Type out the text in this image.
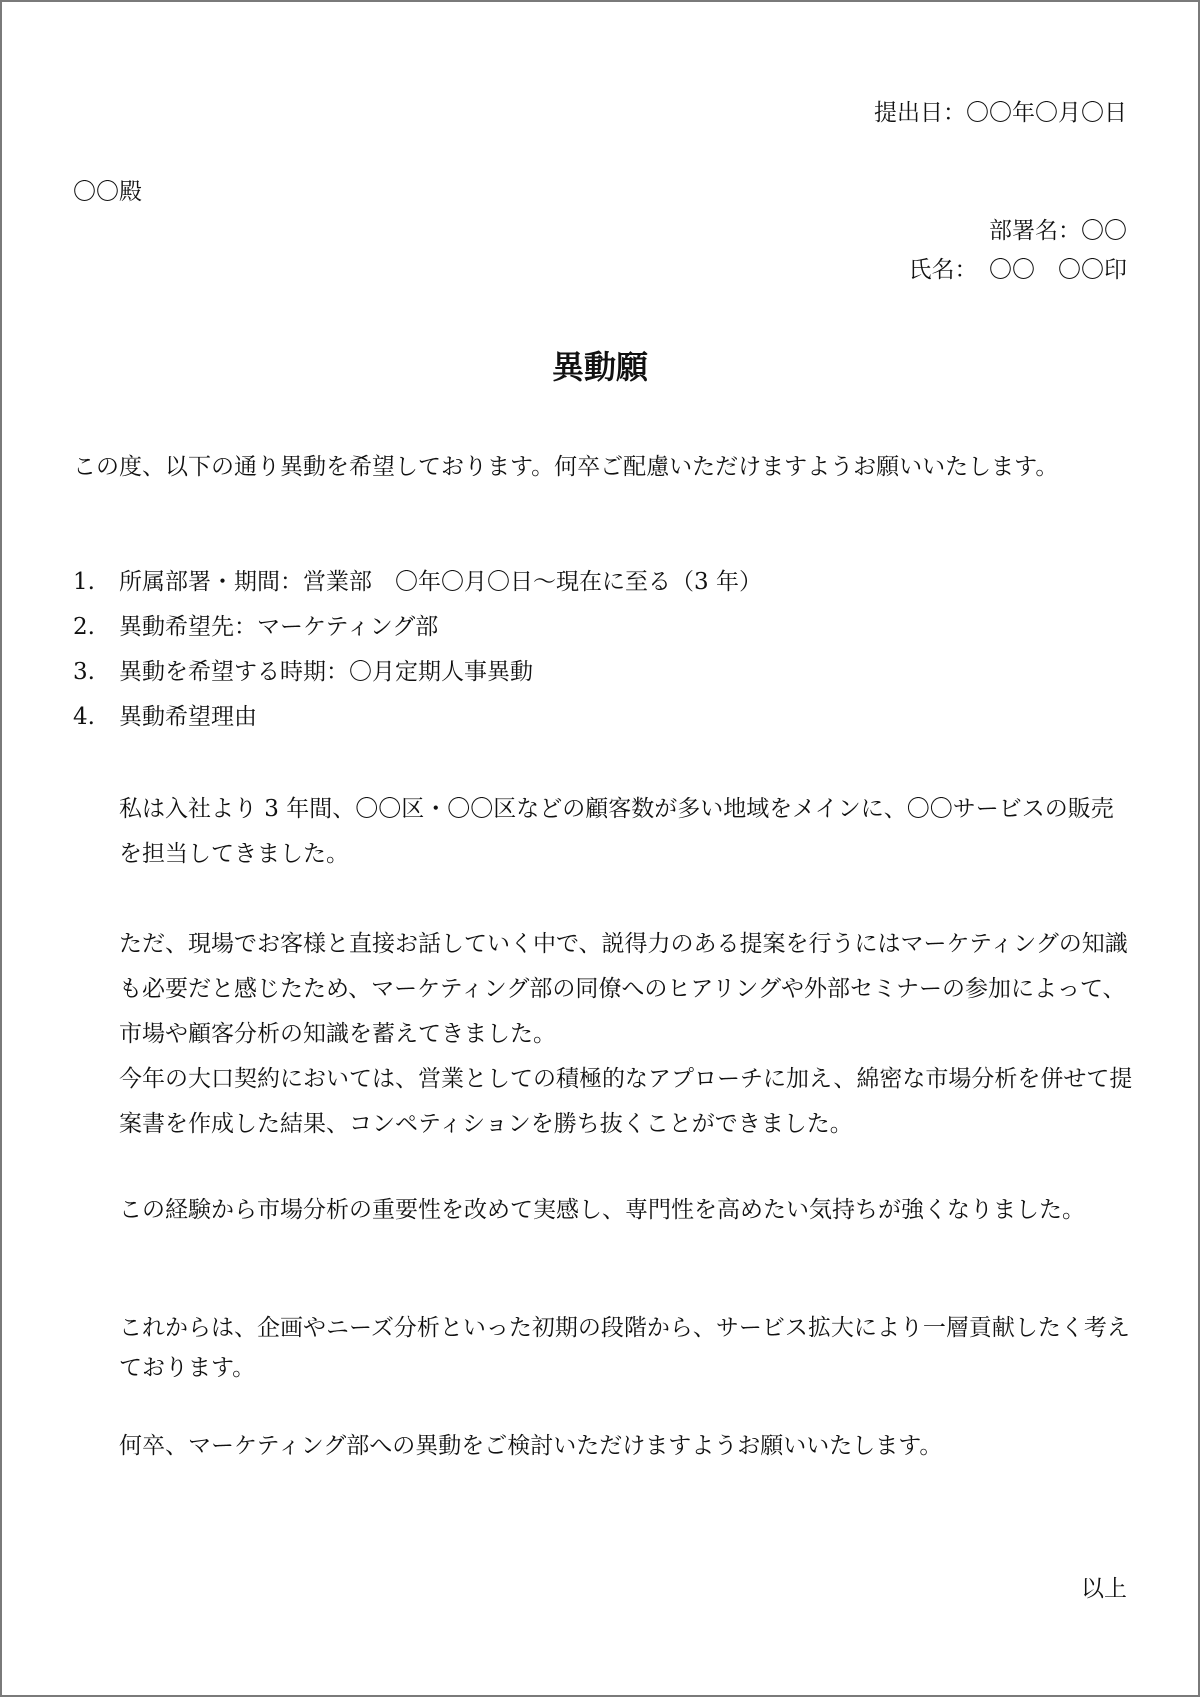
提出日：〇〇年〇月〇日

〇〇殿

部署名：〇〇

氏名：　〇〇　〇〇印

異動願

この度、以下の通り異動を希望しております。何卒ご配慮いただけますようお願いいたします。

1.	所属部署・期間：営業部　〇年〇月〇日～現在に至る（3 年）
2.	異動希望先：マーケティング部
3.	異動を希望する時期：〇月定期人事異動
4.	異動希望理由

私は入社より 3 年間、〇〇区・〇〇区などの顧客数が多い地域をメインに、〇〇サービスの販売を担当してきました。

ただ、現場でお客様と直接お話していく中で、説得力のある提案を行うにはマーケティングの知識も必要だと感じたため、マーケティング部の同僚へのヒアリングや外部セミナーの参加によって、市場や顧客分析の知識を蓄えてきました。

今年の大口契約においては、営業としての積極的なアプローチに加え、綿密な市場分析を併せて提案書を作成した結果、コンペティションを勝ち抜くことができました。

この経験から市場分析の重要性を改めて実感し、専門性を高めたい気持ちが強くなりました。

これからは、企画やニーズ分析といった初期の段階から、サービス拡大により一層貢献したく考えております。

何卒、マーケティング部への異動をご検討いただけますようお願いいたします。

以上
